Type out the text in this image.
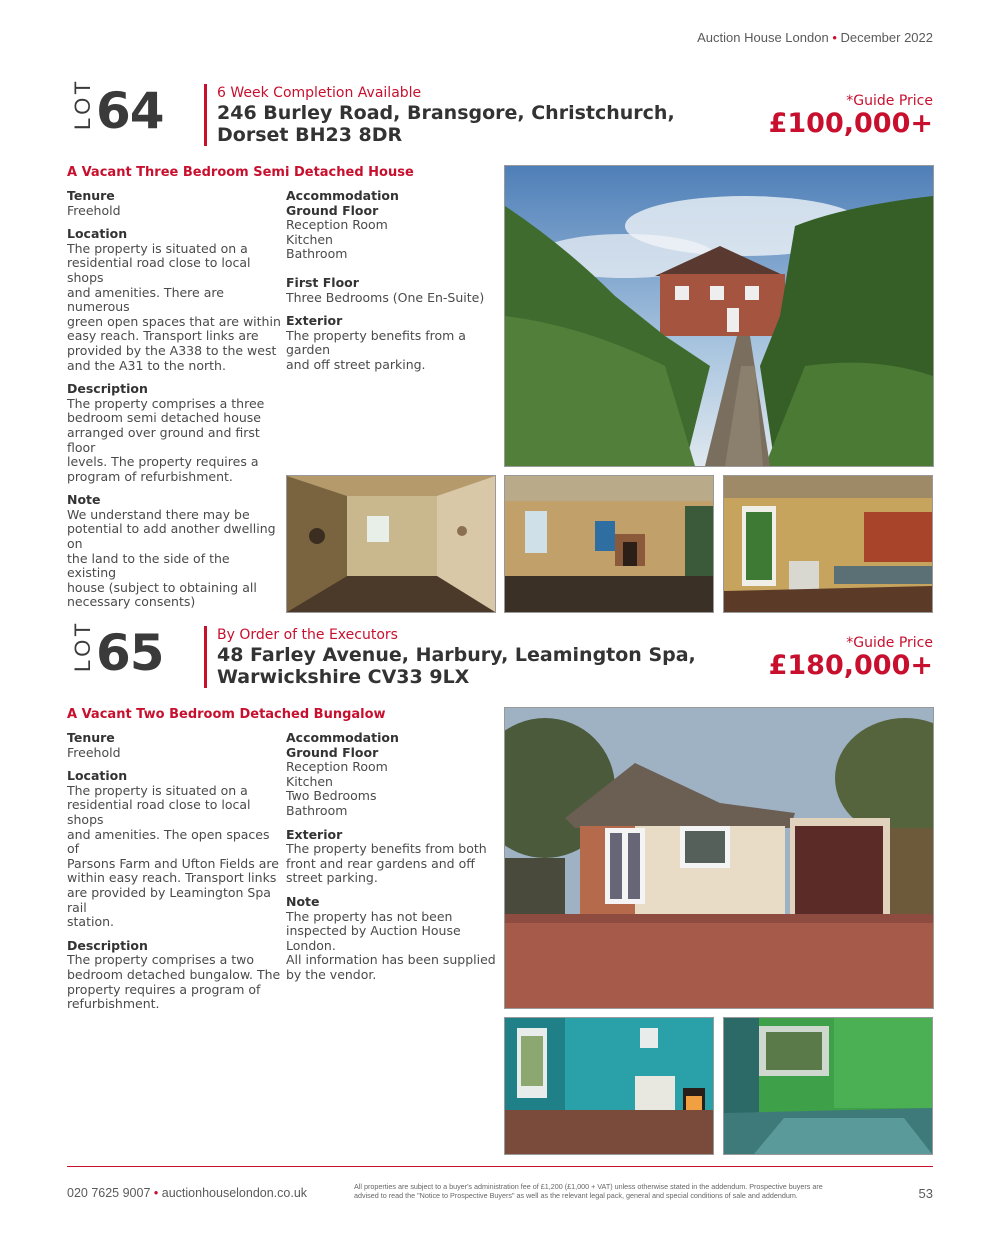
Auction House London • December 2022
LOT 64	6 Week Completion Available
246 Burley Road, Bransgore, Christchurch,
Dorset BH23 8DR
*Guide Price
£100,000+
A Vacant Three Bedroom Semi Detached House
Tenure
Freehold
Location
The property is situated on a
residential road close to local shops
and amenities. There are numerous
green open spaces that are within
easy reach. Transport links are
provided by the A338 to the west
and the A31 to the north.
Description
The property comprises a three
bedroom semi detached house
arranged over ground and first floor
levels. The property requires a
program of refurbishment.
Note
We understand there may be
potential to add another dwelling on
the land to the side of the existing
house (subject to obtaining all
necessary consents)
Accommodation
Ground Floor
Reception Room
Kitchen
Bathroom
First Floor
Three Bedrooms (One En-Suite)
Exterior
The property benefits from a garden
and off street parking.
LOT 65	By Order of the Executors
48 Farley Avenue, Harbury, Leamington Spa,
Warwickshire CV33 9LX
*Guide Price
£180,000+
A Vacant Two Bedroom Detached Bungalow
Tenure
Freehold
Location
The property is situated on a
residential road close to local shops
and amenities. The open spaces of
Parsons Farm and Ufton Fields are
within easy reach. Transport links
are provided by Leamington Spa rail
station.
Description
The property comprises a two
bedroom detached bungalow. The
property requires a program of
refurbishment.
Accommodation
Ground Floor
Reception Room
Kitchen
Two Bedrooms
Bathroom
Exterior
The property benefits from both
front and rear gardens and off
street parking.
Note
The property has not been
inspected by Auction House London.
All information has been supplied
by the vendor.
020 7625 9007 • auctionhouselondon.co.uk	All properties are subject to a buyer's administration fee of £1,200 (£1,000 + VAT) unless otherwise stated in the addendum. Prospective buyers are advised to read the "Notice to Prospective Buyers" as well as the relevant legal pack, general and special conditions of sale and addendum.	53
